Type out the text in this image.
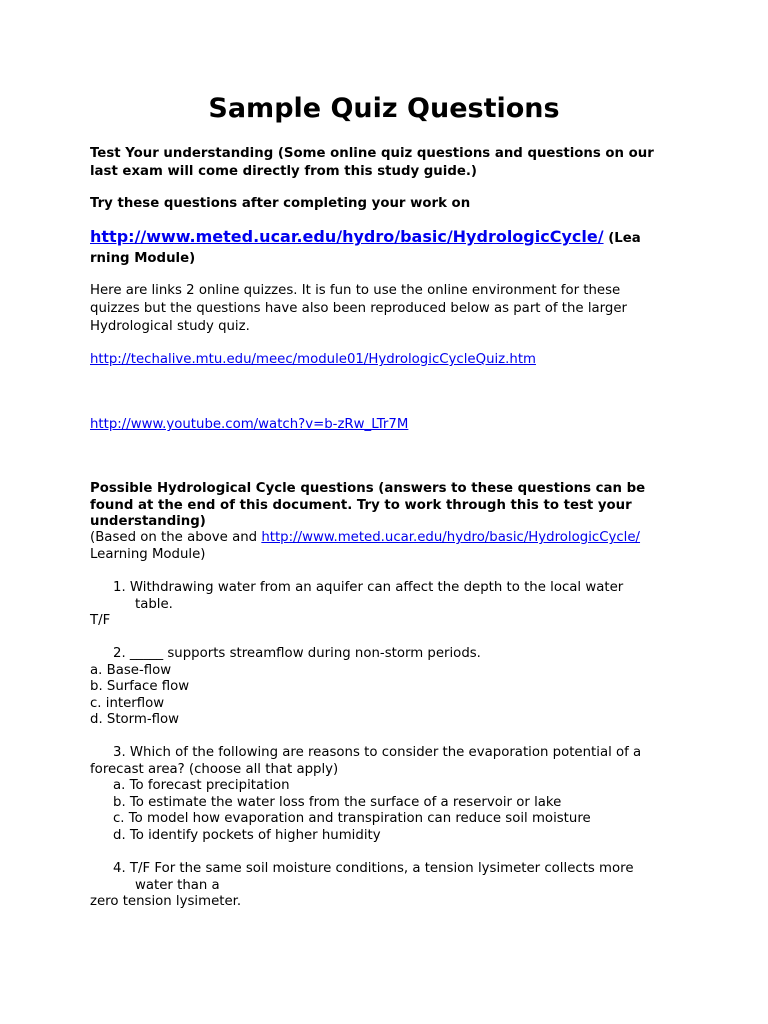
Sample Quiz Questions
Test Your understanding (Some online quiz questions and questions on our
last exam will come directly from this study guide.)
Try these questions after completing your work on
http://www.meted.ucar.edu/hydro/basic/HydrologicCycle/ (Lea
rning Module)
Here are links 2 online quizzes. It is fun to use the online environment for these
quizzes but the questions have also been reproduced below as part of the larger
Hydrological study quiz.
http://techalive.mtu.edu/meec/module01/HydrologicCycleQuiz.htm
http://www.youtube.com/watch?v=b-zRw_LTr7M
Possible Hydrological Cycle questions (answers to these questions can be
found at the end of this document. Try to work through this to test your
understanding)
(Based on the above and http://www.meted.ucar.edu/hydro/basic/HydrologicCycle/
Learning Module)
1. Withdrawing water from an aquifer can affect the depth to the local water
table.
T/F
2. _____ supports streamflow during non-storm periods.
a. Base-flow
b. Surface flow
c. interflow
d. Storm-flow
3. Which of the following are reasons to consider the evaporation potential of a
forecast area? (choose all that apply)
a. To forecast precipitation
b. To estimate the water loss from the surface of a reservoir or lake
c. To model how evaporation and transpiration can reduce soil moisture
d. To identify pockets of higher humidity
4. T/F For the same soil moisture conditions, a tension lysimeter collects more
water than a
zero tension lysimeter.
